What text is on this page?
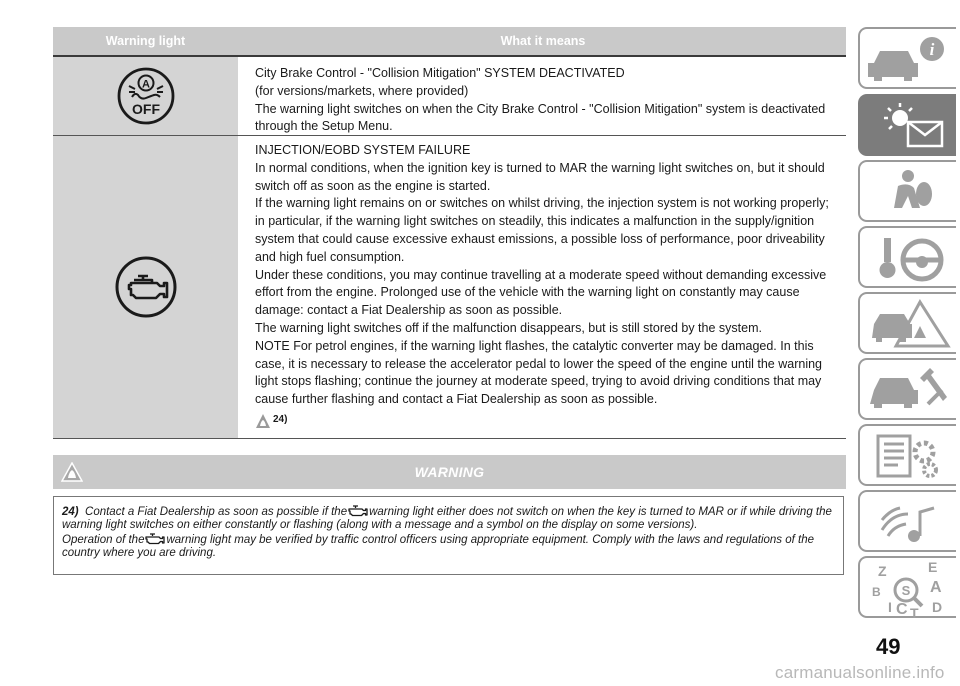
Warning light	What it means
A
OFF

City Brake Control - "Collision Mitigation" SYSTEM DEACTIVATED

(for versions/markets, where provided)

The warning light switches on when the City Brake Control - "Collision Mitigation" system is deactivated through the Setup Menu.

INJECTION/EOBD SYSTEM FAILURE

In normal conditions, when the ignition key is turned to MAR the warning light switches on, but it should switch off as soon as the engine is started.

If the warning light remains on or switches on whilst driving, the injection system is not working properly; in particular, if the warning light switches on steadily, this indicates a malfunction in the supply/ignition system that could cause excessive exhaust emissions, a possible loss of performance, poor driveability and high fuel consumption.

Under these conditions, you may continue travelling at a moderate speed without demanding excessive effort from the engine. Prolonged use of the vehicle with the warning light on constantly may cause damage: contact a Fiat Dealership as soon as possible.

The warning light switches off if the malfunction disappears, but is still stored by the system.

NOTE For petrol engines, if the warning light flashes, the catalytic converter may be damaged. In this case, it is necessary to release the accelerator pedal to lower the speed of the engine until the warning light stops flashing; continue the journey at moderate speed, trying to avoid driving conditions that may cause further flashing and contact a Fiat Dealership as soon as possible.

24)
WARNING

24) Contact a Fiat Dealership as soon as possible if the warning light either does not switch on when the key is turned to MAR or if while driving the warning light switches on either constantly or flashing (along with a message and a symbol on the display on some versions).

Operation of the warning light may be verified by traffic control officers using appropriate equipment. Comply with the laws and regulations of the country where you are driving.

i
Z	E
A
B
I C T D
S
49
carmanualsonline.info
